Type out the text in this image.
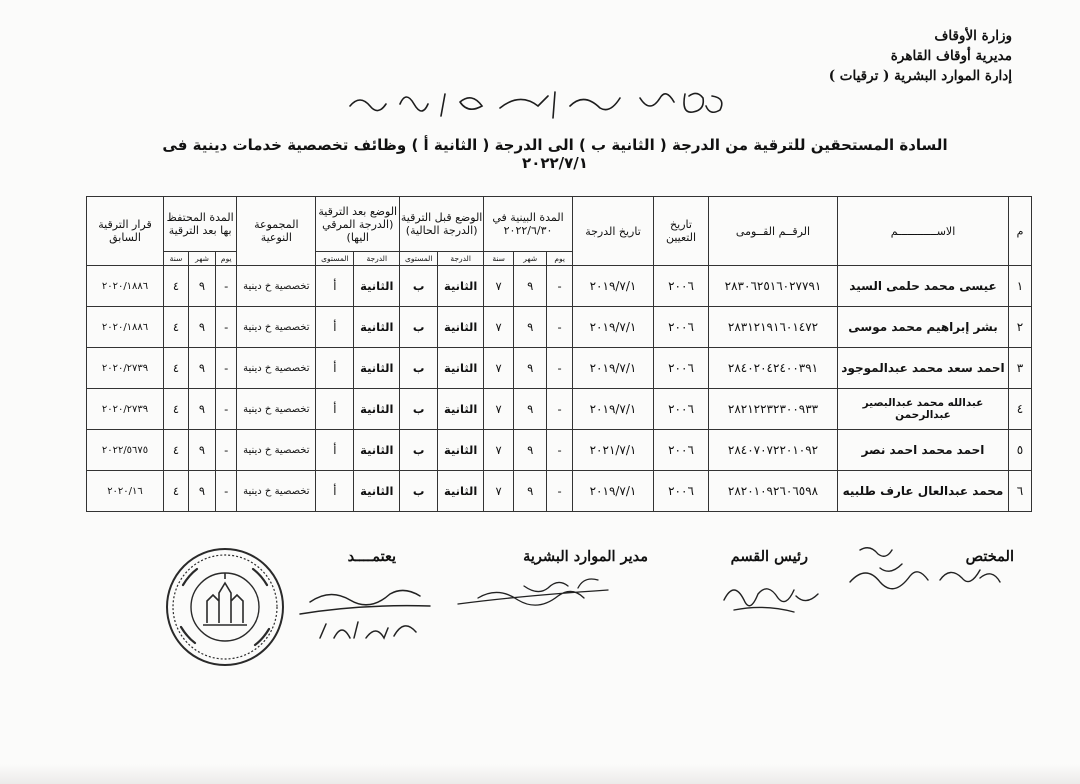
وزارة الأوقاف
مديرية أوقاف القاهرة
إدارة الموارد البشرية ( ترقيات )
السادة المستحقين للترقية من الدرجة ( الثانية ب ) الى الدرجة ( الثانية أ ) وظائف تخصصية خدمات دينية فى ٢٠٢٢/٧/١
م	الاســــــــــــم	الرقــم القــومى	تاريخ التعيين	تاريخ الدرجة	المدة البينية في ٢٠٢٢/٦/٣٠			الوضع قبل الترقية (الدرجة الحالية)		الوضع بعد الترقية (الدرجة المرقي اليها)		المجموعة النوعية	المدة المحتفظ بها بعد الترقية			قرار الترقية السابق
					يوم	شهر	سنة	الدرجة	المستوى	الدرجة	المستوى		يوم	شهر	سنة	
١	عيسى محمد حلمى السيد	٢٨٣٠٦٢٥١٦٠٢٧٧٩١	٢٠٠٦	٢٠١٩/٧/١	-	٩	٧	الثانية	ب	الثانية	أ	تخصصية خ دينية	-	٩	٤	٢٠٢٠/١٨٨٦
٢	بشر إبراهيم محمد موسى	٢٨٣١٢١٩١٦٠١٤٧٢	٢٠٠٦	٢٠١٩/٧/١	-	٩	٧	الثانية	ب	الثانية	أ	تخصصية خ دينية	-	٩	٤	٢٠٢٠/١٨٨٦
٣	احمد سعد محمد عبدالموجود	٢٨٤٠٢٠٤٢٤٠٠٣٩١	٢٠٠٦	٢٠١٩/٧/١	-	٩	٧	الثانية	ب	الثانية	أ	تخصصية خ دينية	-	٩	٤	٢٠٢٠/٢٧٣٩
٤	عبدالله محمد عبدالبصير عبدالرحمن	٢٨٢١٢٢٣٢٣٠٠٩٣٣	٢٠٠٦	٢٠١٩/٧/١	-	٩	٧	الثانية	ب	الثانية	أ	تخصصية خ دينية	-	٩	٤	٢٠٢٠/٢٧٣٩
٥	احمد محمد احمد نصر	٢٨٤٠٧٠٧٢٢٠١٠٩٢	٢٠٠٦	٢٠٢١/٧/١	-	٩	٧	الثانية	ب	الثانية	أ	تخصصية خ دينية	-	٩	٤	٢٠٢٢/٥٦٧٥
٦	محمد عبدالعال عارف طلبيه	٢٨٢٠١٠٩٢٦٠٦٥٩٨	٢٠٠٦	٢٠١٩/٧/١	-	٩	٧	الثانية	ب	الثانية	أ	تخصصية خ دينية	-	٩	٤	٢٠٢٠/١٦
المختص
رئيس القسم
مدير الموارد البشرية
يعتمــــد
